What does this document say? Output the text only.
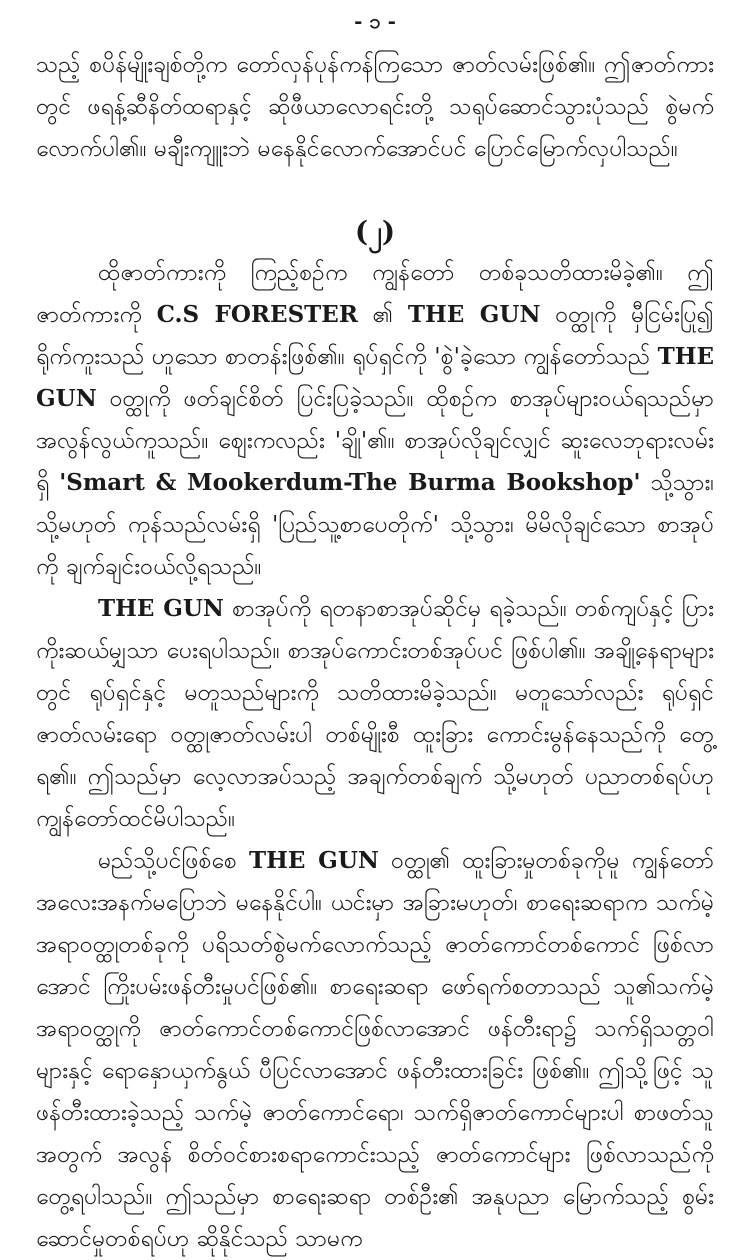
- ၁ -

သည့် စပိန်မျိုးချစ်တို့က တော်လှန်ပုန်ကန်ကြသော ဇာတ်လမ်းဖြစ်၏။ ဤဇာတ်ကားတွင် ဖရန့်ဆီနိတ်ထရာနှင့် ဆိုဖီယာလောရင်းတို့ သရုပ်ဆောင်သွားပုံသည် စွဲမက်လောက်ပါ၏။ မချီးကျူးဘဲ မနေနိုင်လောက်အောင်ပင် ပြောင်မြောက်လှပါသည်။

(၂)

ထိုဇာတ်ကားကို ကြည့်စဉ်က ကျွန်တော် တစ်ခုသတိထားမိခဲ့၏။ ဤဇာတ်ကားကို C.S FORESTER ၏ THE GUN ဝတ္ထုကို မှီငြမ်းပြု၍ ရိုက်ကူးသည် ဟူသော စာတန်းဖြစ်၏။ ရုပ်ရှင်ကို 'စွဲ'ခဲ့သော ကျွန်တော်သည် THE GUN ဝတ္ထုကို ဖတ်ချင်စိတ် ပြင်းပြခဲ့သည်။ ထိုစဉ်က စာအုပ်များဝယ်ရသည်မှာ အလွန်လွယ်ကူသည်။ ဈေးကလည်း 'ချို'၏။ စာအုပ်လိုချင်လျှင် ဆူးလေဘုရားလမ်းရှိ 'Smart & Mookerdum-The Burma Bookshop' သို့သွား၊ သို့မဟုတ် ကုန်သည်လမ်းရှိ 'ပြည်သူ့စာပေတိုက်' သို့သွား၊ မိမိလိုချင်သော စာအုပ်ကို ချက်ချင်းဝယ်လို့ရသည်။

THE GUN စာအုပ်ကို ရတနာစာအုပ်ဆိုင်မှ ရခဲ့သည်။ တစ်ကျပ်နှင့် ပြားကိုးဆယ်မျှသာ ပေးရပါသည်။ စာအုပ်ကောင်းတစ်အုပ်ပင် ဖြစ်ပါ၏။ အချို့နေရာများတွင် ရုပ်ရှင်နှင့် မတူသည်များကို သတိထားမိခဲ့သည်။ မတူသော်လည်း ရုပ်ရှင်ဇာတ်လမ်းရော ဝတ္ထုဇာတ်လမ်းပါ တစ်မျိုးစီ ထူးခြား ကောင်းမွန်နေသည်ကို တွေ့ရ၏။ ဤသည်မှာ လေ့လာအပ်သည့် အချက်တစ်ချက် သို့မဟုတ် ပညာတစ်ရပ်ဟု ကျွန်တော်ထင်မိပါသည်။

မည်သို့ပင်ဖြစ်စေ THE GUN ဝတ္ထု၏ ထူးခြားမှုတစ်ခုကိုမူ ကျွန်တော် အလေးအနက်မပြောဘဲ မနေနိုင်ပါ။ ယင်းမှာ အခြားမဟုတ်၊ စာရေးဆရာက သက်မဲ့ အရာဝတ္ထုတစ်ခုကို ပရိသတ်စွဲမက်လောက်သည့် ဇာတ်ကောင်တစ်ကောင် ဖြစ်လာအောင် ကြိုးပမ်းဖန်တီးမှုပင်ဖြစ်၏။ စာရေးဆရာ ဖော်ရက်စတာသည် သူ၏သက်မဲ့အရာဝတ္ထုကို ဇာတ်ကောင်တစ်ကောင်ဖြစ်လာအောင် ဖန်တီးရာ၌ သက်ရှိသတ္တဝါများနှင့် ရောနှောယှက်နွယ် ပီပြင်လာအောင် ဖန်တီးထားခြင်း ဖြစ်၏။ ဤသို့ဖြင့် သူဖန်တီးထားခဲ့သည့် သက်မဲ့ ဇာတ်ကောင်ရော၊ သက်ရှိဇာတ်ကောင်များပါ စာဖတ်သူအတွက် အလွန် စိတ်ဝင်စားစရာကောင်းသည့် ဇာတ်ကောင်များ ဖြစ်လာသည်ကို တွေ့ရပါသည်။ ဤသည်မှာ စာရေးဆရာ တစ်ဦး၏ အနုပညာ မြောက်သည့် စွမ်းဆောင်မှုတစ်ရပ်ဟု ဆိုနိုင်သည် သာမက
